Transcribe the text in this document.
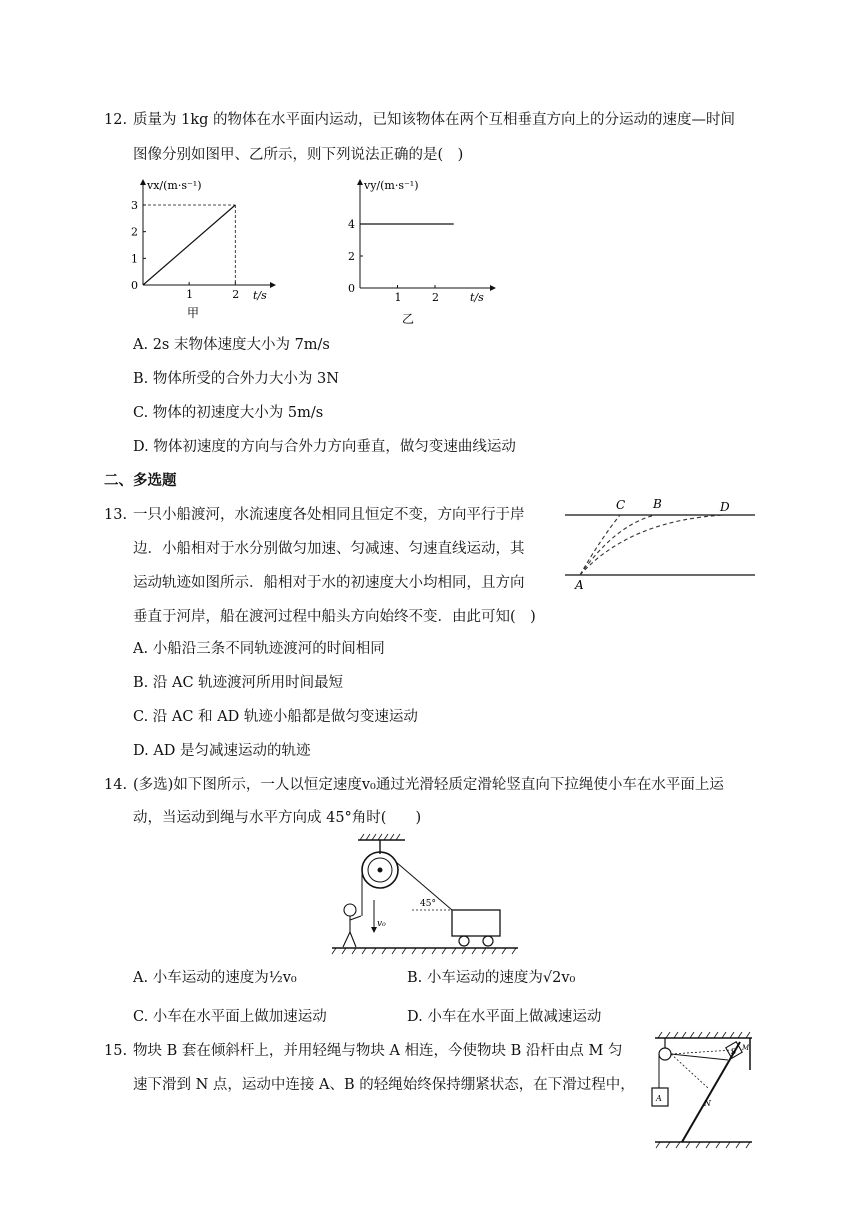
12. 质量为 1kg 的物体在水平面内运动，已知该物体在两个互相垂直方向上的分运动的速度—时间
图像分别如图甲、乙所示，则下列说法正确的是(　)
vx/(m·s⁻¹)
t/s
1	2
0
1
2
3
甲
vy/(m·s⁻¹)
t/s
1	2
0
2
4
乙
A. 2s 末物体速度大小为 7m/s
B. 物体所受的合外力大小为 3N
C. 物体的初速度大小为 5m/s
D. 物体初速度的方向与合外力方向垂直，做匀变速曲线运动
二、多选题
13. 一只小船渡河，水流速度各处相同且恒定不变，方向平行于岸
边．小船相对于水分别做匀加速、匀减速、匀速直线运动，其
运动轨迹如图所示．船相对于水的初速度大小均相同，且方向
垂直于河岸，船在渡河过程中船头方向始终不变．由此可知(　)
C B	D
A
A. 小船沿三条不同轨迹渡河的时间相同
B. 沿 AC 轨迹渡河所用时间最短
C. 沿 AC 和 AD 轨迹小船都是做匀变速运动
D. AD 是匀减速运动的轨迹
14. (多选)如下图所示，一人以恒定速度v₀通过光滑轻质定滑轮竖直向下拉绳使小车在水平面上运
动，当运动到绳与水平方向成 45°角时(　　)
45°
v₀
A. 小车运动的速度为½v₀	B. 小车运动的速度为√2v₀
C. 小车在水平面上做加速运动	D. 小车在水平面上做减速运动
15. 物块 B 套在倾斜杆上，并用轻绳与物块 A 相连，今使物块 B 沿杆由点 M 匀
速下滑到 N 点，运动中连接 A、B 的轻绳始终保持绷紧状态，在下滑过程中，
A
B M
N
